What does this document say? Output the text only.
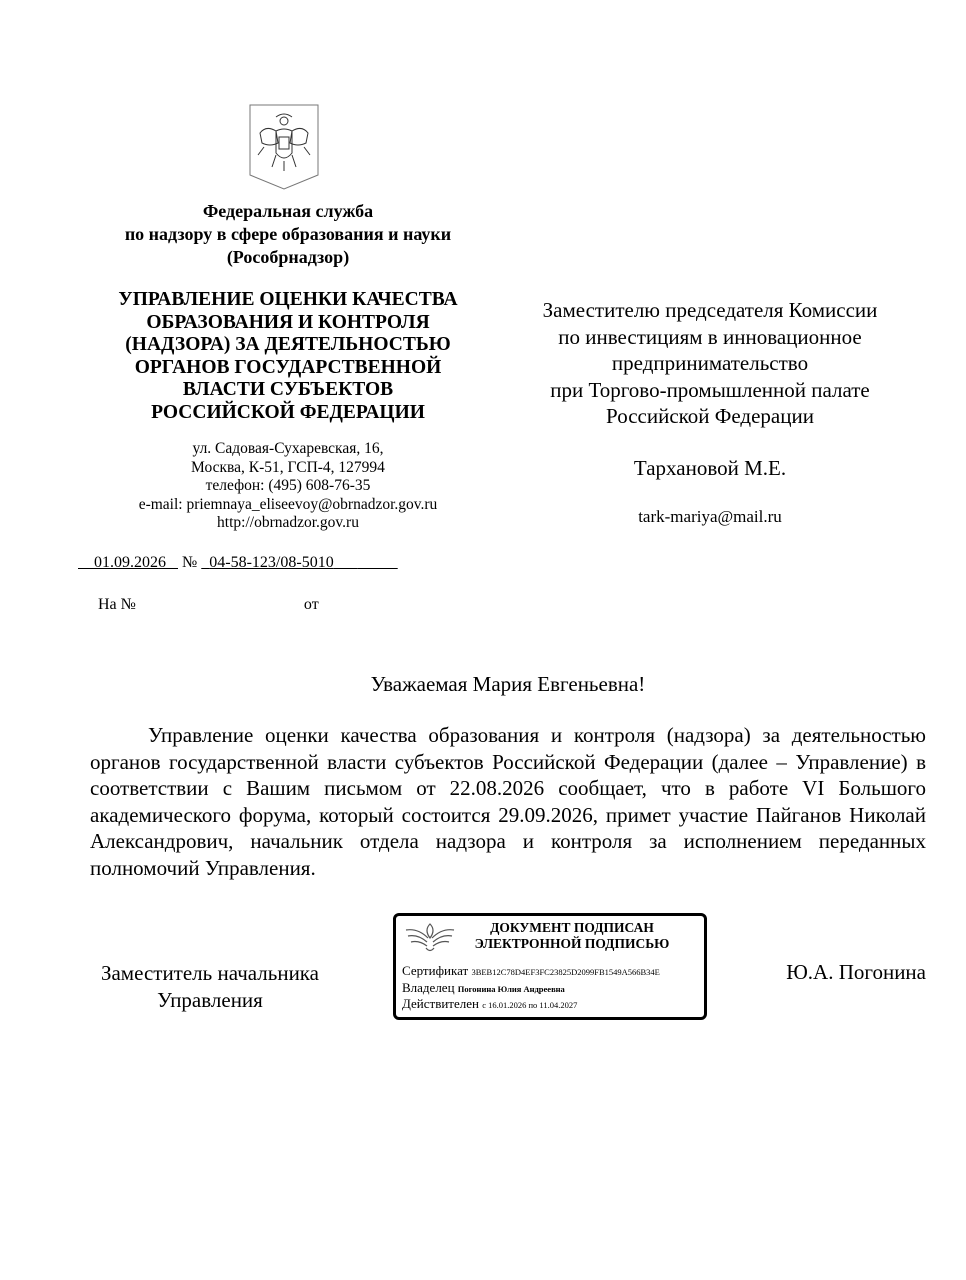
Федеральная служба
по надзору в сфере образования и науки
(Рособрнадзор)
УПРАВЛЕНИЕ ОЦЕНКИ КАЧЕСТВА
ОБРАЗОВАНИЯ И КОНТРОЛЯ
(НАДЗОРА) ЗА ДЕЯТЕЛЬНОСТЬЮ
ОРГАНОВ ГОСУДАРСТВЕННОЙ
ВЛАСТИ СУБЪЕКТОВ
РОССИЙСКОЙ ФЕДЕРАЦИИ
ул. Садовая-Сухаревская, 16,
Москва, К-51, ГСП-4, 127994
телефон: (495) 608-76-35
e-mail: priemnaya_eliseevoy@obrnadzor.gov.ru
http://obrnadzor.gov.ru
01.09.2026 № 04-58-123/08-5010
На №	от
Заместителю председателя Комиссии
по инвестициям в инновационное
предпринимательство
при Торгово-промышленной палате
Российской Федерации
Тархановой М.Е.
tark-mariya@mail.ru
Уважаемая Мария Евгеньевна!

Управление оценки качества образования и контроля (надзора) за деятельностью органов государственной власти субъектов Российской Федерации (далее – Управление) в соответствии с Вашим письмом от 22.08.2026 сообщает, что в работе VI Большого академического форума, который состоится 29.09.2026, примет участие Пайганов Николай Александрович, начальник отдела надзора и контроля за исполнением переданных полномочий Управления.

Заместитель начальника
Управления
Ю.А. Погонина
ДОКУМЕНТ ПОДПИСАН
ЭЛЕКТРОННОЙ ПОДПИСЬЮ
Сертификат 3BEB12C78D4EF3FC23825D2099FB1549A566B34E
Владелец Погонина Юлия Андреевна
Действителен с 16.01.2026 по 11.04.2027
